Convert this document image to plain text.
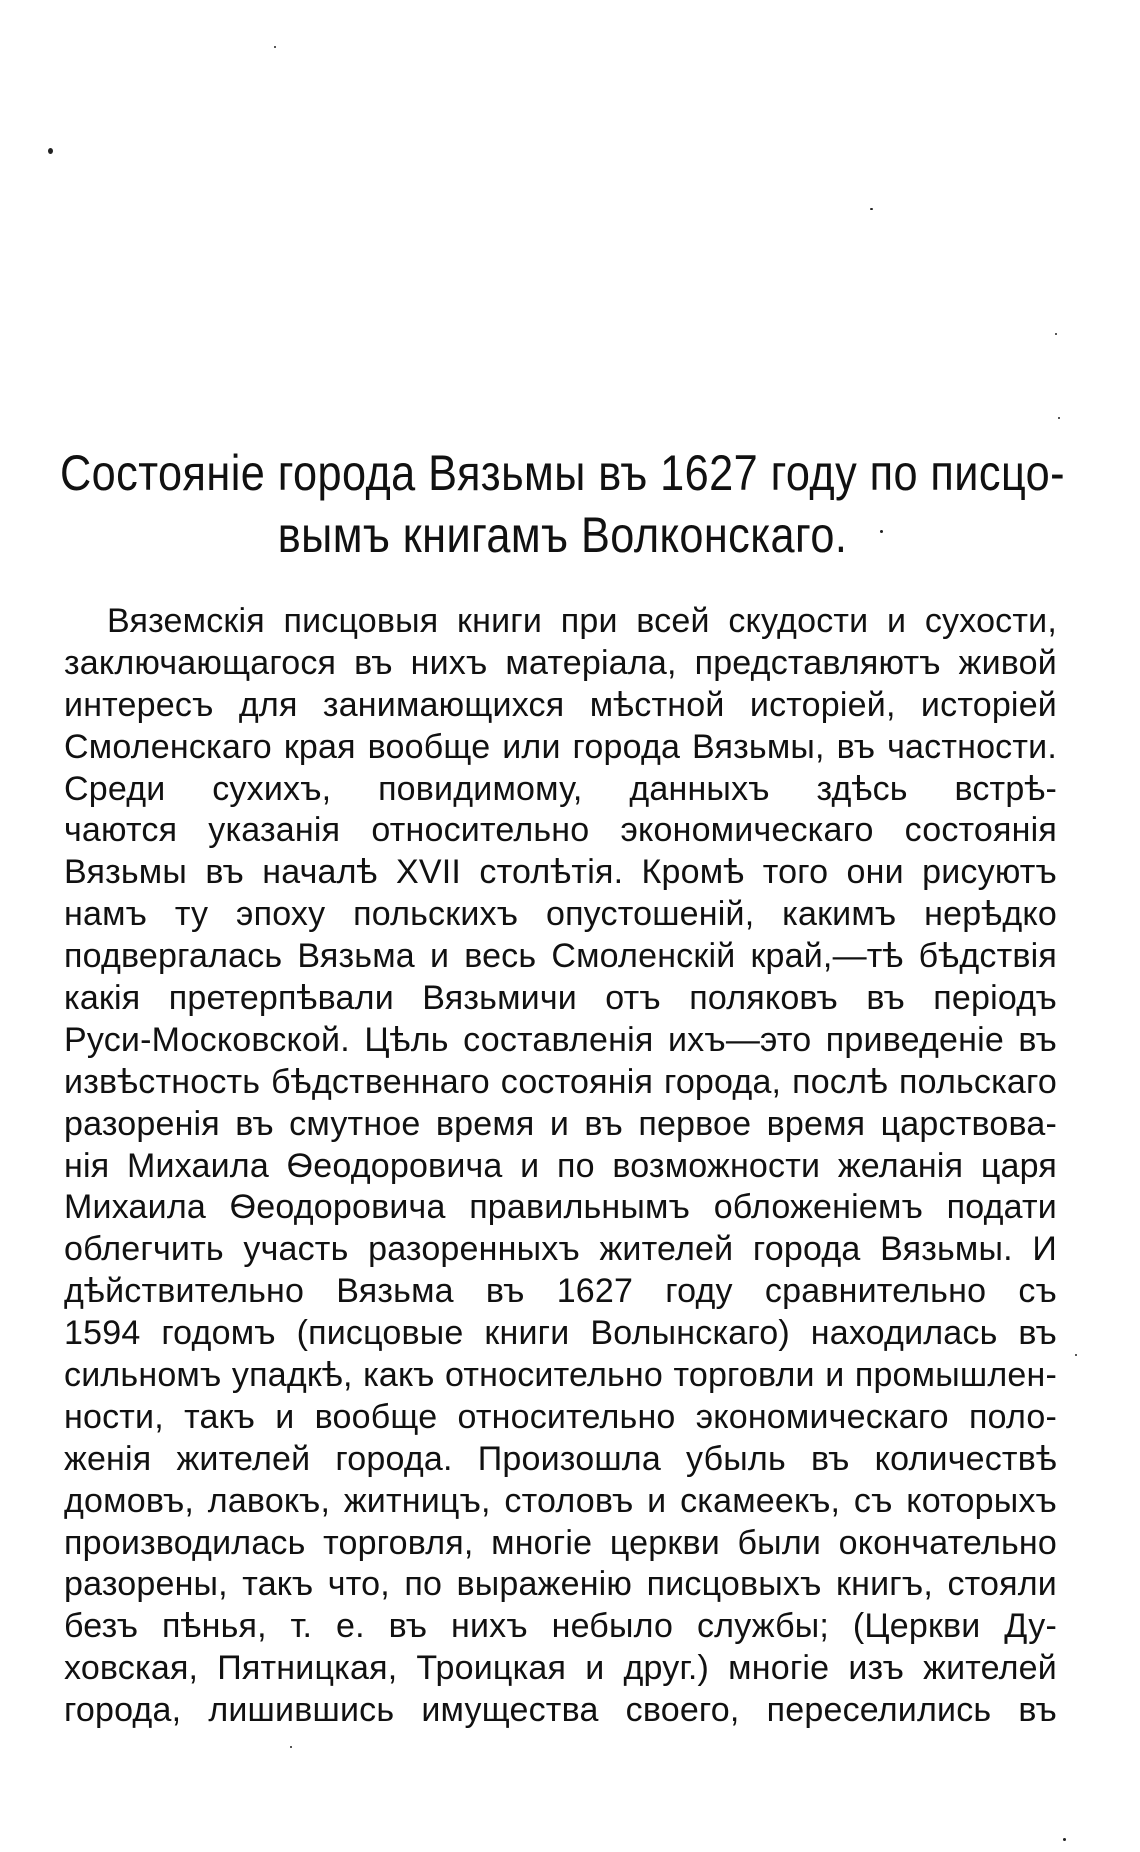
Состояніе города Вязьмы въ 1627 году по писцо-
вымъ книгамъ Волконскаго.
Вяземскія писцовыя книги при всей скудости и сухости,
заключающагося въ нихъ матеріала, представляютъ живой
интересъ для занимающихся мѣстной исторіей, исторіей
Смоленскаго края вообще или города Вязьмы, въ частности.
Среди сухихъ, повидимому, данныхъ здѣсь встрѣ-
чаются указанія относительно экономическаго состоянія
Вязьмы въ началѣ XVII столѣтія. Кромѣ того они рисуютъ
намъ ту эпоху польскихъ опустошеній, какимъ нерѣдко
подвергалась Вязьма и весь Смоленскій край,—тѣ бѣдствія
какія претерпѣвали Вязьмичи отъ поляковъ въ періодъ
Руси-Московской. Цѣль составленія ихъ—это приведеніе въ
извѣстность бѣдственнаго состоянія города, послѣ польскаго
разоренія въ смутное время и въ первое время царствова-
нія Михаила Ѳеодоровича и по возможности желанія царя
Михаила Ѳеодоровича правильнымъ обложеніемъ подати
облегчить участь разоренныхъ жителей города Вязьмы. И
дѣйствительно Вязьма въ 1627 году сравнительно съ
1594 годомъ (писцовые книги Волынскаго) находилась въ
сильномъ упадкѣ, какъ относительно торговли и промышлен-
ности, такъ и вообще относительно экономическаго поло-
женія жителей города. Произошла убыль въ количествѣ
домовъ, лавокъ, житницъ, столовъ и скамеекъ, съ которыхъ
производилась торговля, многіе церкви были окончательно
разорены, такъ что, по выраженію писцовыхъ книгъ, стояли
безъ пѣнья, т. е. въ нихъ небыло службы; (Церкви Ду-
ховская, Пятницкая, Троицкая и друг.) многіе изъ жителей
города, лишившись имущества своего, переселились въ
